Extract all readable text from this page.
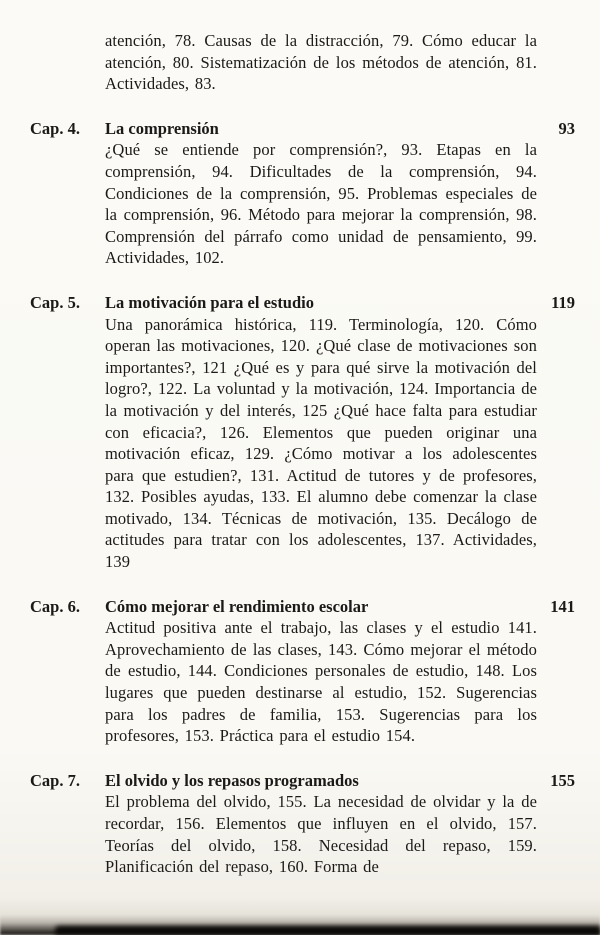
atención, 78. Causas de la distracción, 79. Cómo educar la atención, 80. Sistematización de los métodos de atención, 81. Actividades, 83.

Cap. 4.	La comprensión	93

¿Qué se entiende por comprensión?, 93. Etapas en la comprensión, 94. Dificultades de la comprensión, 94. Condiciones de la comprensión, 95. Problemas especiales de la comprensión, 96. Método para mejorar la comprensión, 98. Comprensión del párrafo como unidad de pensamiento, 99. Actividades, 102.

Cap. 5.	La motivación para el estudio	119

Una panorámica histórica, 119. Terminología, 120. Cómo operan las motivaciones, 120. ¿Qué clase de motivaciones son importantes?, 121 ¿Qué es y para qué sirve la motivación del logro?, 122. La voluntad y la motivación, 124. Importancia de la motivación y del interés, 125 ¿Qué hace falta para estudiar con eficacia?, 126. Elementos que pueden originar una motivación eficaz, 129. ¿Cómo motivar a los adolescentes para que estudien?, 131. Actitud de tutores y de profesores, 132. Posibles ayudas, 133. El alumno debe comenzar la clase motivado, 134. Técnicas de motivación, 135. Decálogo de actitudes para tratar con los adolescentes, 137. Actividades, 139

Cap. 6.	Cómo mejorar el rendimiento escolar	141

Actitud positiva ante el trabajo, las clases y el estudio 141. Aprovechamiento de las clases, 143. Cómo mejorar el método de estudio, 144. Condiciones personales de estudio, 148. Los lugares que pueden destinarse al estudio, 152. Sugerencias para los padres de familia, 153. Sugerencias para los profesores, 153. Práctica para el estudio 154.

Cap. 7.	El olvido y los repasos programados	155

El problema del olvido, 155. La necesidad de olvidar y la de recordar, 156. Elementos que influyen en el olvido, 157. Teorías del olvido, 158. Necesidad del repaso, 159. Planificación del repaso, 160. Forma de
